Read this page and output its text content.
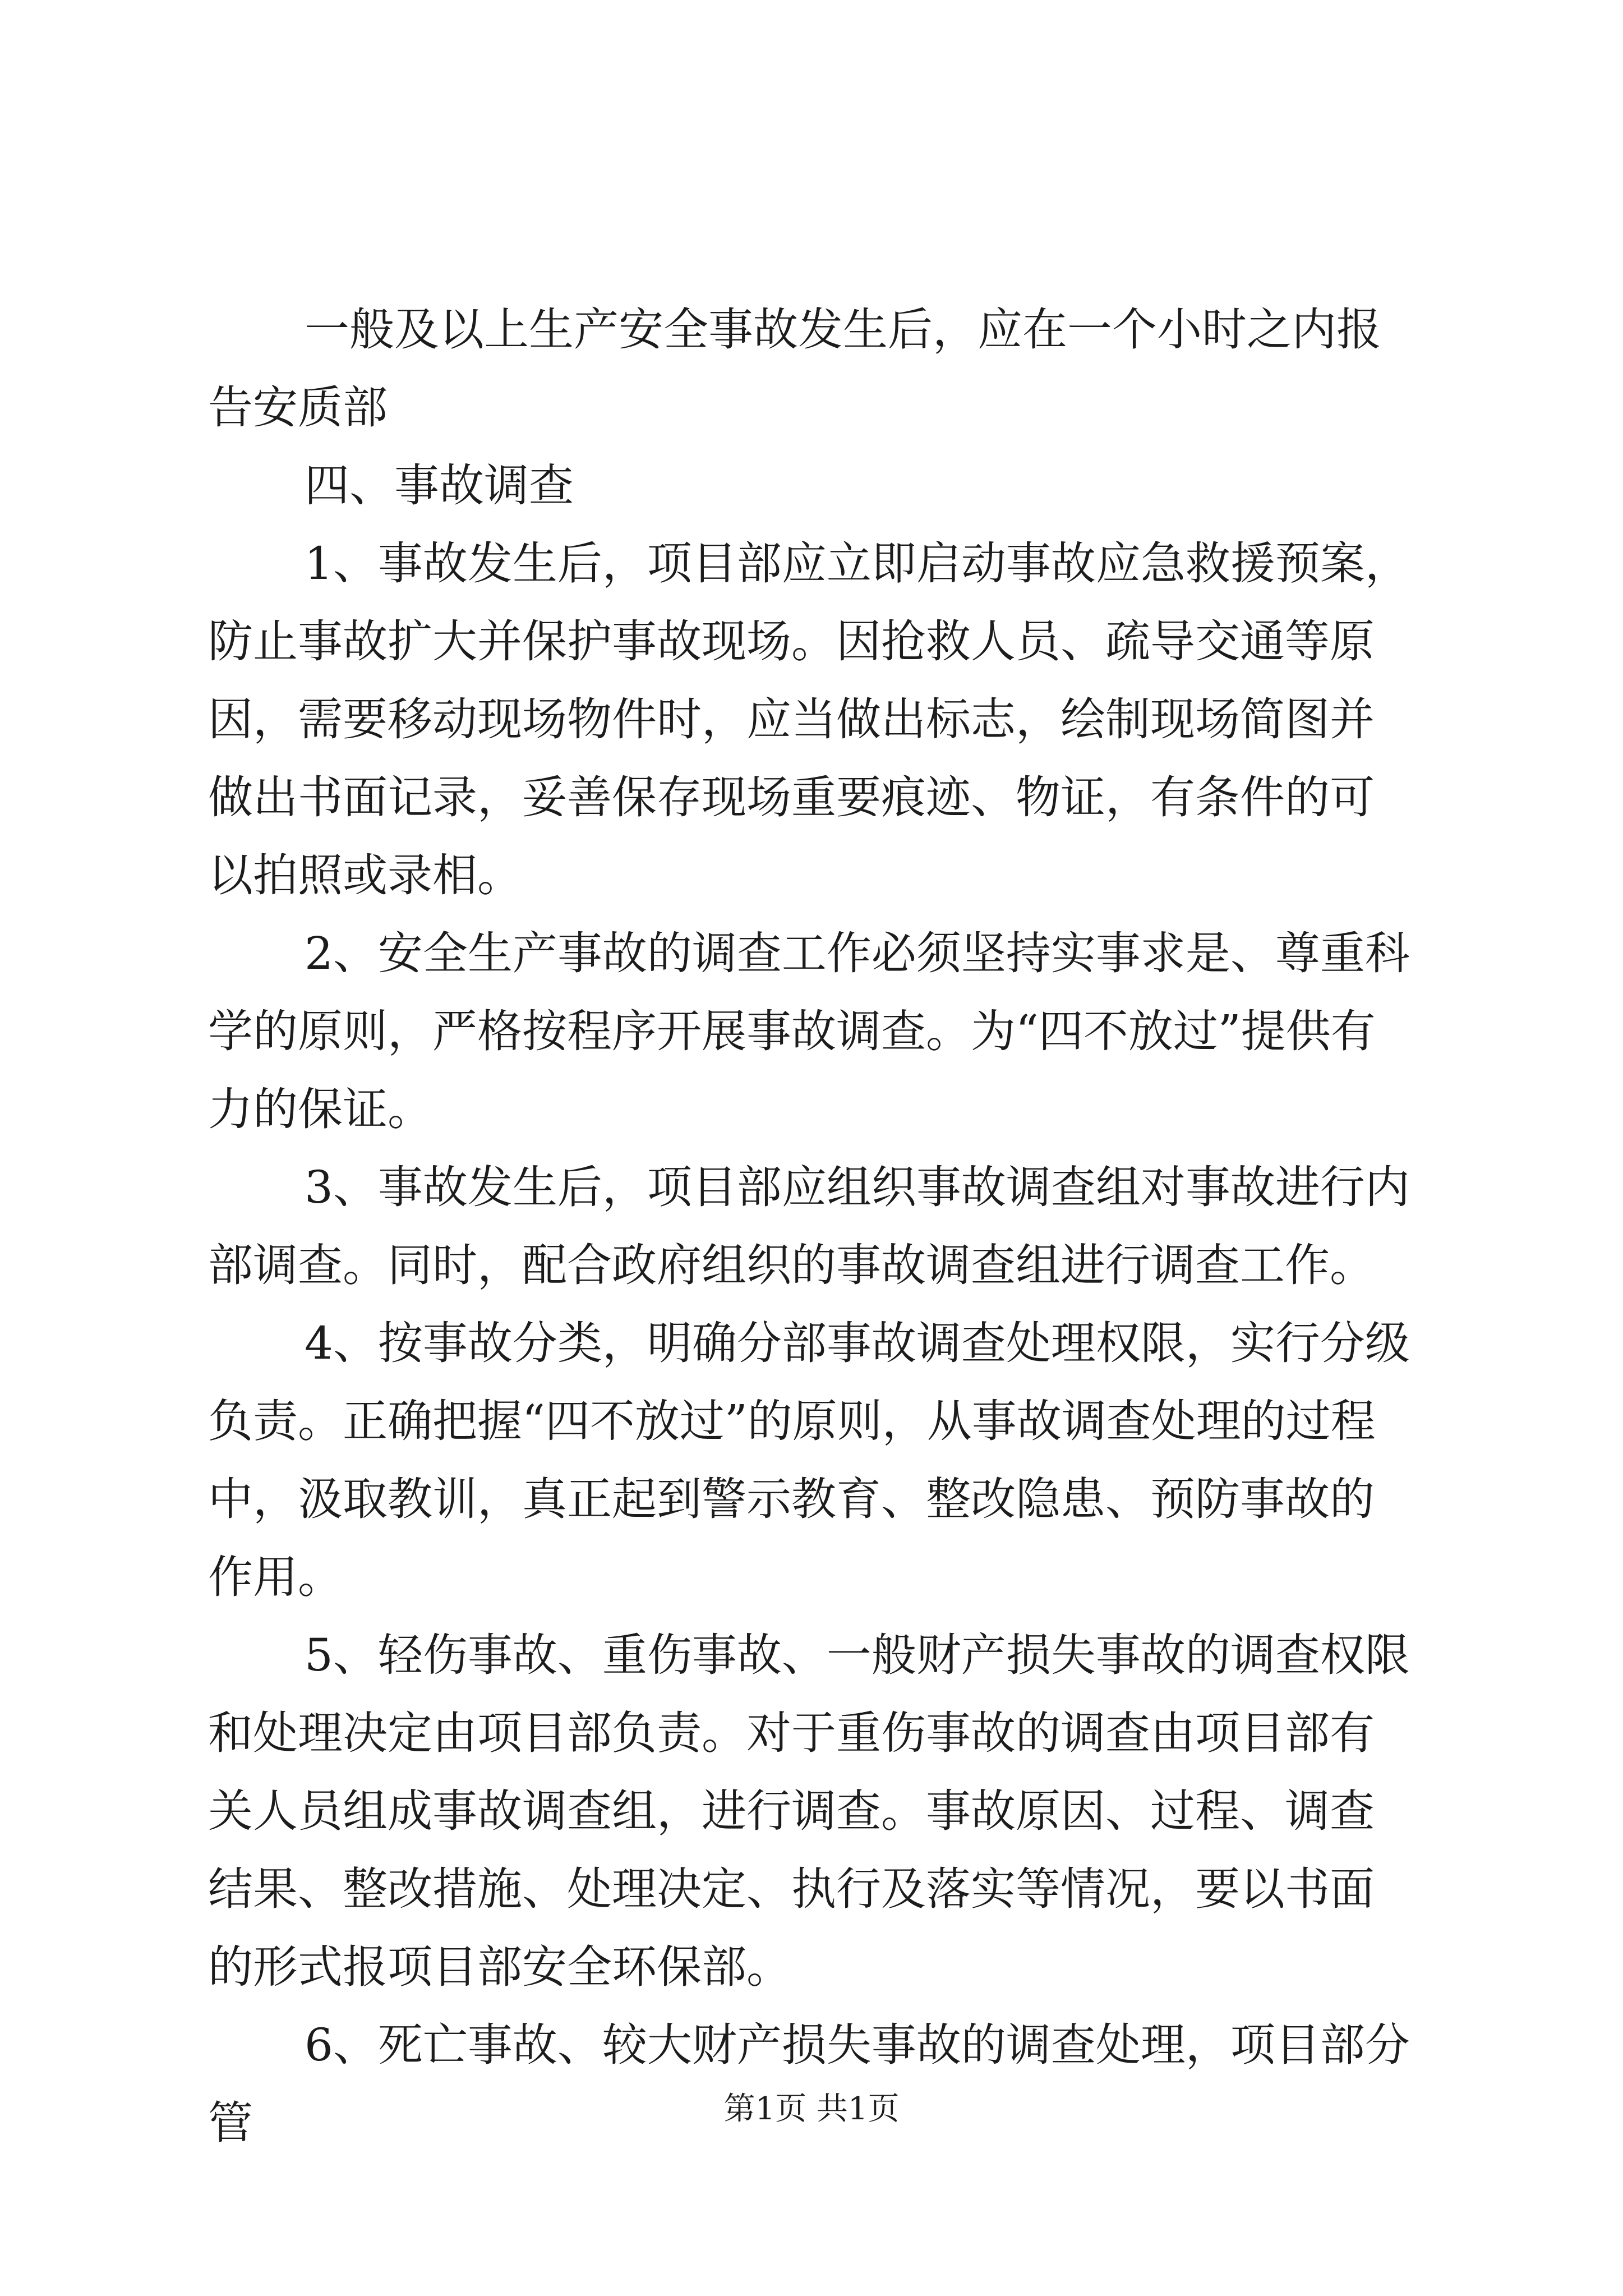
一般及以上生产安全事故发生后，应在一个小时之内报告安质部

四、事故调查

1、事故发生后，项目部应立即启动事故应急救援预案，防止事故扩大并保护事故现场。因抢救人员、疏导交通等原因，需要移动现场物件时，应当做出标志，绘制现场简图并做出书面记录，妥善保存现场重要痕迹、物证，有条件的可以拍照或录相。

2、安全生产事故的调查工作必须坚持实事求是、尊重科学的原则，严格按程序开展事故调查。为“四不放过”提供有力的保证。

3、事故发生后，项目部应组织事故调查组对事故进行内部调查。同时，配合政府组织的事故调查组进行调查工作。

4、按事故分类，明确分部事故调查处理权限，实行分级负责。正确把握“四不放过”的原则，从事故调查处理的过程中，汲取教训，真正起到警示教育、整改隐患、预防事故的作用。

5、轻伤事故、重伤事故、一般财产损失事故的调查权限和处理决定由项目部负责。对于重伤事故的调查由项目部有关人员组成事故调查组，进行调查。事故原因、过程、调查结果、整改措施、处理决定、执行及落实等情况，要以书面的形式报项目部安全环保部。

6、死亡事故、较大财产损失事故的调查处理，项目部分管	第1页 共1页
